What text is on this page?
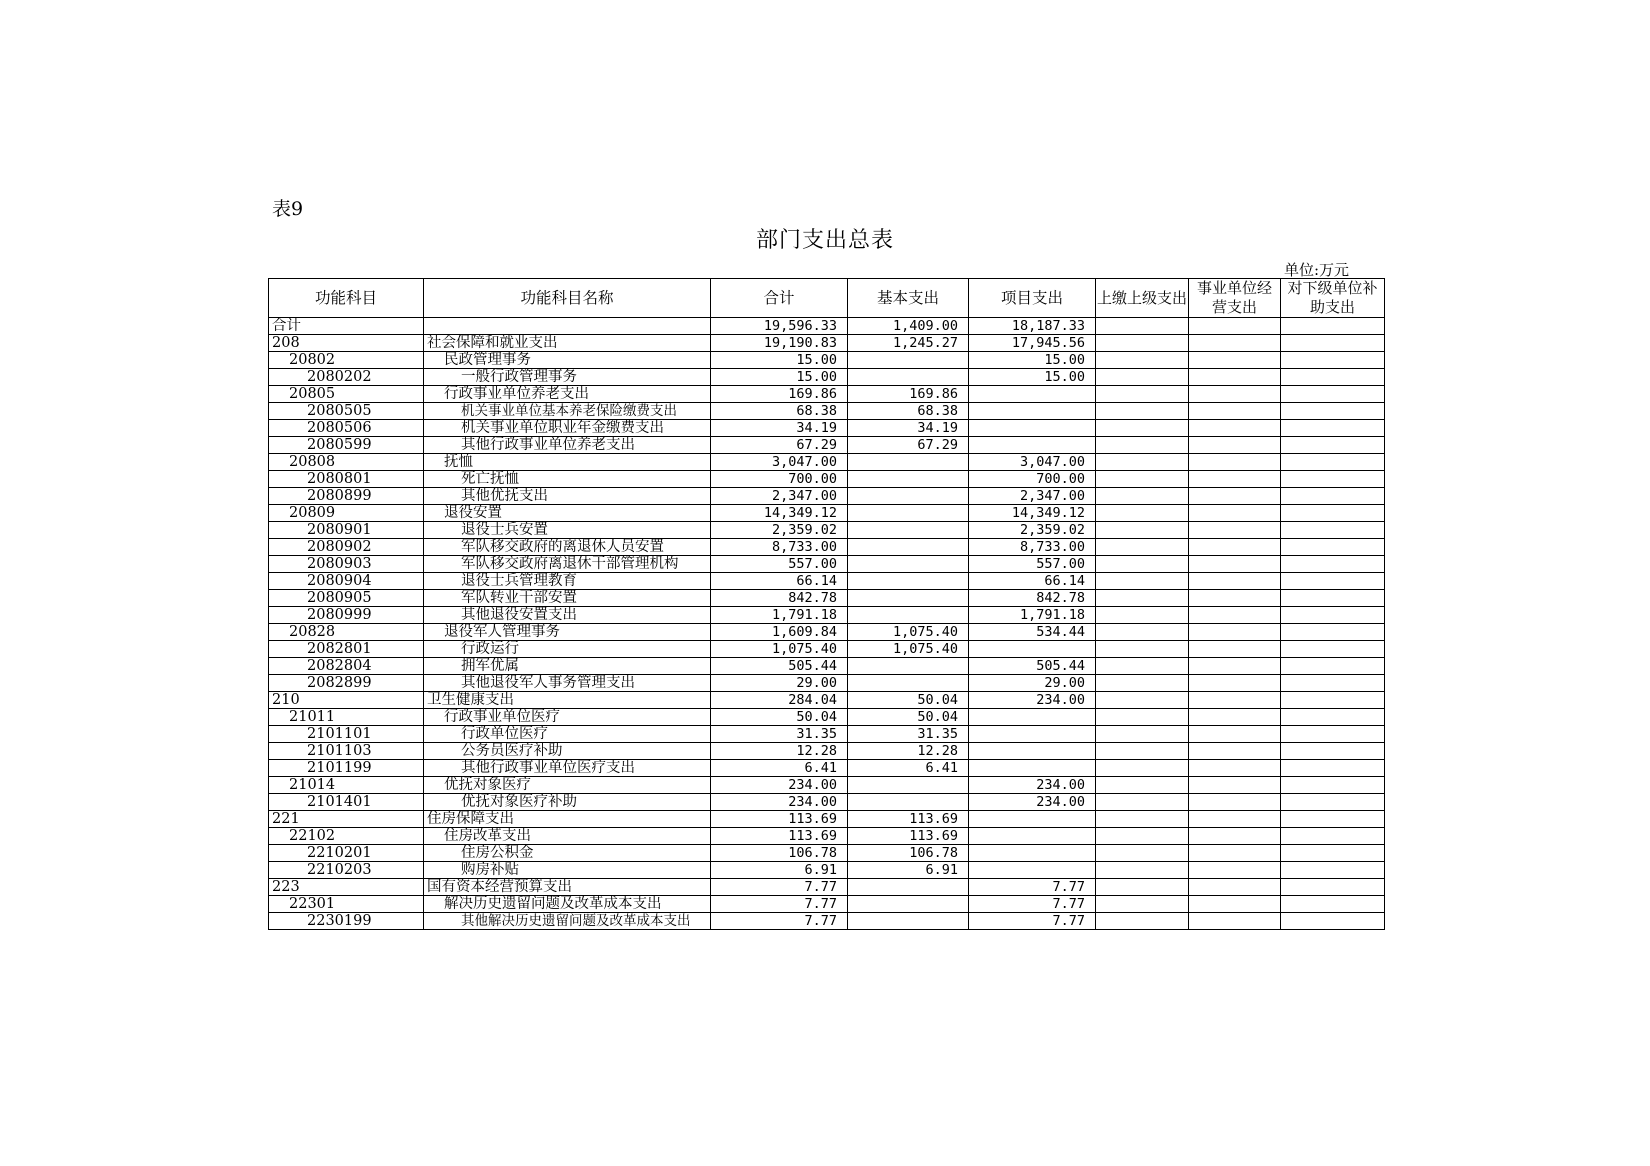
表9
部门支出总表
单位:万元
功能科目	功能科目名称	合计	基本支出	项目支出	上缴上级支出	事业单位经营支出	对下级单位补助支出
合计		19,596.33	1,409.00	18,187.33			
208	社会保障和就业支出	19,190.83	1,245.27	17,945.56			
20802	民政管理事务	15.00		15.00			
2080202	一般行政管理事务	15.00		15.00			
20805	行政事业单位养老支出	169.86	169.86				
2080505	机关事业单位基本养老保险缴费支出	68.38	68.38				
2080506	机关事业单位职业年金缴费支出	34.19	34.19				
2080599	其他行政事业单位养老支出	67.29	67.29				
20808	抚恤	3,047.00		3,047.00			
2080801	死亡抚恤	700.00		700.00			
2080899	其他优抚支出	2,347.00		2,347.00			
20809	退役安置	14,349.12		14,349.12			
2080901	退役士兵安置	2,359.02		2,359.02			
2080902	军队移交政府的离退休人员安置	8,733.00		8,733.00			
2080903	军队移交政府离退休干部管理机构	557.00		557.00			
2080904	退役士兵管理教育	66.14		66.14			
2080905	军队转业干部安置	842.78		842.78			
2080999	其他退役安置支出	1,791.18		1,791.18			
20828	退役军人管理事务	1,609.84	1,075.40	534.44			
2082801	行政运行	1,075.40	1,075.40				
2082804	拥军优属	505.44		505.44			
2082899	其他退役军人事务管理支出	29.00		29.00			
210	卫生健康支出	284.04	50.04	234.00			
21011	行政事业单位医疗	50.04	50.04				
2101101	行政单位医疗	31.35	31.35				
2101103	公务员医疗补助	12.28	12.28				
2101199	其他行政事业单位医疗支出	6.41	6.41				
21014	优抚对象医疗	234.00		234.00			
2101401	优抚对象医疗补助	234.00		234.00			
221	住房保障支出	113.69	113.69				
22102	住房改革支出	113.69	113.69				
2210201	住房公积金	106.78	106.78				
2210203	购房补贴	6.91	6.91				
223	国有资本经营预算支出	7.77		7.77			
22301	解决历史遗留问题及改革成本支出	7.77		7.77			
2230199	其他解决历史遗留问题及改革成本支出	7.77		7.77			
